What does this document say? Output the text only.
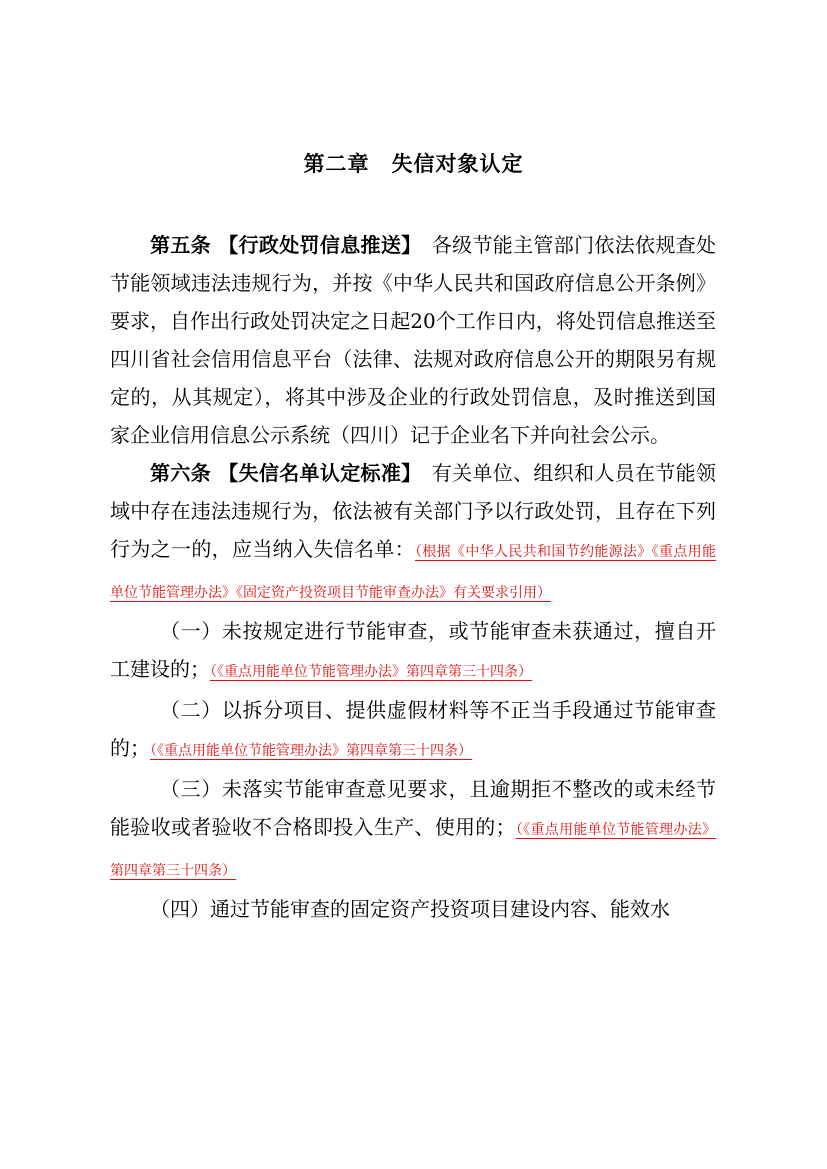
第二章　失信对象认定

第五条 【行政处罚信息推送】　 各级节能主管部门依法依规查处节能领域违法违规行为，并按《中华人民共和国政府信息公开条例》要求，自作出行政处罚决定之日起20个工作日内，将处罚信息推送至四川省社会信用信息平台（法律、法规对政府信息公开的期限另有规定的，从其规定），将其中涉及企业的行政处罚信息，及时推送到国家企业信用信息公示系统（四川）记于企业名下并向社会公示。

第六条 【失信名单认定标准】　 有关单位、组织和人员在节能领域中存在违法违规行为，依法被有关部门予以行政处罚，且存在下列行为之一的，应当纳入失信名单：（根据《中华人民共和国节约能源法》《重点用能单位节能管理办法》《固定资产投资项目节能审查办法》有关要求引用）

（一）未按规定进行节能审查，或节能审查未获通过，擅自开工建设的；（《重点用能单位节能管理办法》第四章第三十四条）

（二）以拆分项目、提供虚假材料等不正当手段通过节能审查的；（《重点用能单位节能管理办法》第四章第三十四条）

（三）未落实节能审查意见要求，且逾期拒不整改的或未经节能验收或者验收不合格即投入生产、使用的；（《重点用能单位节能管理办法》第四章第三十四条）

（四）通过节能审查的固定资产投资项目建设内容、能效水
